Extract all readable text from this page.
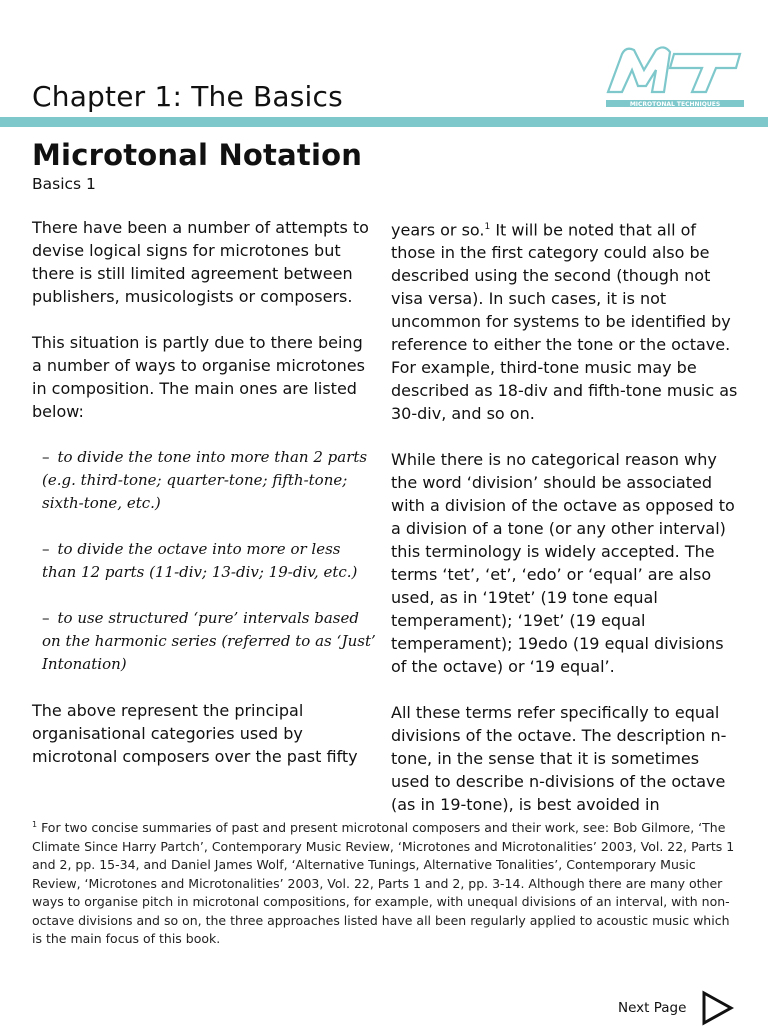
Chapter 1: The Basics	MICROTONAL TECHNIQUES
Microtonal Notation
Basics 1

There have been a number of attempts to devise logical signs for microtones but there is still limited agreement between publishers, musicologists or composers.

This situation is partly due to there being a number of ways to organise microtones in composition. The main ones are listed below:

– to divide the tone into more than 2 parts (e.g. third-tone; quarter-tone; fifth-tone; sixth-tone, etc.)

– to divide the octave into more or less than 12 parts (11-div; 13-div; 19-div, etc.)

– to use structured ‘pure’ intervals based on the harmonic series (referred to as ‘Just’ Intonation)

The above represent the principal organisational categories used by microtonal composers over the past fifty

years or so.$^1$ It will be noted that all of those in the first category could also be described using the second (though not visa versa). In such cases, it is not uncommon for systems to be identified by reference to either the tone or the octave. For example, third-tone music may be described as 18-div and fifth-tone music as 30-div, and so on.

While there is no categorical reason why the word ‘division’ should be associated with a division of the octave as opposed to a division of a tone (or any other interval) this terminology is widely accepted. The terms ‘tet’, ‘et’, ‘edo’ or ‘equal’ are also used, as in ‘19tet’ (19 tone equal temperament); ‘19et’ (19 equal temperament); 19edo (19 equal divisions of the octave) or ‘19 equal’.

All these terms refer specifically to equal divisions of the octave. The description n-tone, in the sense that it is sometimes used to describe n-divisions of the octave (as in 19-tone), is best avoided in

$^1$ For two concise summaries of past and present microtonal composers and their work, see: Bob Gilmore, ‘The Climate Since Harry Partch’, Contemporary Music Review, ‘Microtones and Microtonalities’ 2003, Vol. 22, Parts 1 and 2, pp. 15-34, and Daniel James Wolf, ‘Alternative Tunings, Alternative Tonalities’, Contemporary Music Review, ‘Microtones and Microtonalities’ 2003, Vol. 22, Parts 1 and 2, pp. 3-14. Although there are many other ways to organise pitch in microtonal compositions, for example, with unequal divisions of an interval, with non-octave divisions and so on, the three approaches listed have all been regularly applied to acoustic music which is the main focus of this book.
Next Page
